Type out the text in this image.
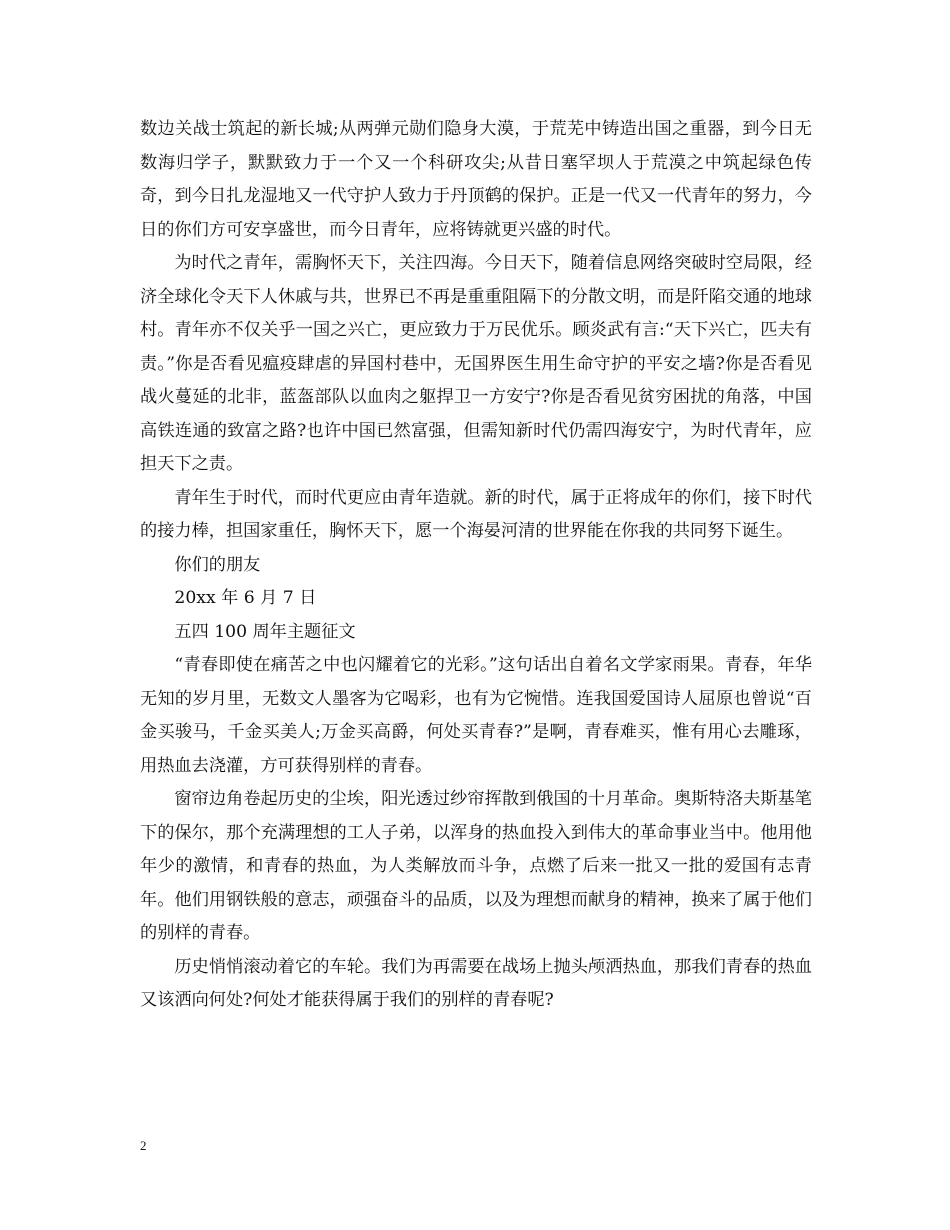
数边关战士筑起的新长城;从两弹元勋们隐身大漠，于荒芜中铸造出国之重器，到今日无数海归学子，默默致力于一个又一个科研攻尖;从昔日塞罕坝人于荒漠之中筑起绿色传奇，到今日扎龙湿地又一代守护人致力于丹顶鹤的保护。正是一代又一代青年的努力，今日的你们方可安享盛世，而今日青年，应将铸就更兴盛的时代。

为时代之青年，需胸怀天下，关注四海。今日天下，随着信息网络突破时空局限，经济全球化令天下人休戚与共，世界已不再是重重阻隔下的分散文明，而是阡陷交通的地球村。青年亦不仅关乎一国之兴亡，更应致力于万民优乐。顾炎武有言:“天下兴亡，匹夫有责。”你是否看见瘟疫肆虐的异国村巷中，无国界医生用生命守护的平安之墙?你是否看见战火蔓延的北非，蓝盔部队以血肉之躯捍卫一方安宁?你是否看见贫穷困扰的角落，中国高铁连通的致富之路?也许中国已然富强，但需知新时代仍需四海安宁，为时代青年，应担天下之责。

青年生于时代，而时代更应由青年造就。新的时代，属于正将成年的你们，接下时代的接力棒，担国家重任，胸怀天下，愿一个海晏河清的世界能在你我的共同努下诞生。

你们的朋友

20xx 年 6 月 7 日

五四 100 周年主题征文

“青春即使在痛苦之中也闪耀着它的光彩。”这句话出自着名文学家雨果。青春，年华无知的岁月里，无数文人墨客为它喝彩，也有为它惋惜。连我国爱国诗人屈原也曾说“百金买骏马，千金买美人;万金买高爵，何处买青春?”是啊，青春难买，惟有用心去雕琢，用热血去浇灌，方可获得别样的青春。

窗帘边角卷起历史的尘埃，阳光透过纱帘挥散到俄国的十月革命。奥斯特洛夫斯基笔下的保尔，那个充满理想的工人子弟，以浑身的热血投入到伟大的革命事业当中。他用他年少的激情，和青春的热血，为人类解放而斗争，点燃了后来一批又一批的爱国有志青年。他们用钢铁般的意志，顽强奋斗的品质，以及为理想而献身的精神，换来了属于他们的别样的青春。

历史悄悄滚动着它的车轮。我们为再需要在战场上抛头颅洒热血，那我们青春的热血又该洒向何处?何处才能获得属于我们的别样的青春呢?

2
